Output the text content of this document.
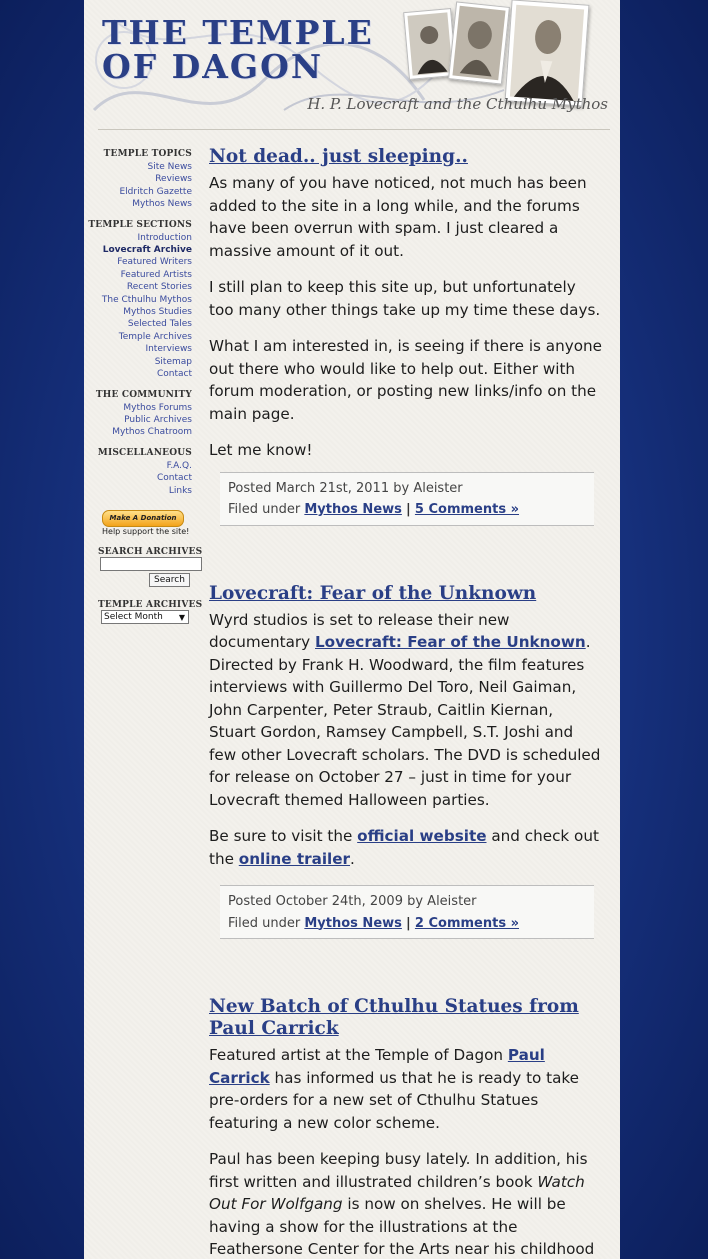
THE TEMPLE
OF DAGON
H. P. Lovecraft and the Cthulhu Mythos
TEMPLE TOPICS
Site News
Reviews
Eldritch Gazette
Mythos News
TEMPLE SECTIONS
Introduction
Lovecraft Archive
Featured Writers
Featured Artists
Recent Stories
The Cthulhu Mythos
Mythos Studies
Selected Tales
Temple Archives
Interviews
Sitemap
Contact
THE COMMUNITY
Mythos Forums
Public Archives
Mythos Chatroom
MISCELLANEOUS
F.A.Q.
Contact
Links
Make A Donation
Help support the site!
SEARCH ARCHIVES
Search
TEMPLE ARCHIVES
Select Month ▼
Not dead.. just sleeping..

As many of you have noticed, not much has been added to the site in a long while, and the forums have been overrun with spam. I just cleared a massive amount of it out.

I still plan to keep this site up, but unfortunately too many other things take up my time these days.

What I am interested in, is seeing if there is anyone out there who would like to help out. Either with forum moderation, or posting new links/info on the main page.

Let me know!

Posted March 21st, 2011 by Aleister
Filed under Mythos News | 5 Comments »
Lovecraft: Fear of the Unknown

Wyrd studios is set to release their new documentary Lovecraft: Fear of the Unknown. Directed by Frank H. Woodward, the film features interviews with Guillermo Del Toro, Neil Gaiman, John Carpenter, Peter Straub, Caitlin Kiernan, Stuart Gordon, Ramsey Campbell, S.T. Joshi and few other Lovecraft scholars. The DVD is scheduled for release on October 27 – just in time for your Lovecraft themed Halloween parties.

Be sure to visit the official website and check out the online trailer.

Posted October 24th, 2009 by Aleister
Filed under Mythos News | 2 Comments »
New Batch of Cthulhu Statues from Paul Carrick

Featured artist at the Temple of Dagon Paul Carrick has informed us that he is ready to take pre-orders for a new set of Cthulhu Statues featuring a new color scheme.

Paul has been keeping busy lately. In addition, his first written and illustrated children’s book Watch Out For Wolfgang is now on shelves. He will be having a show for the illustrations at the Feathersone Center for the Arts near his childhood
